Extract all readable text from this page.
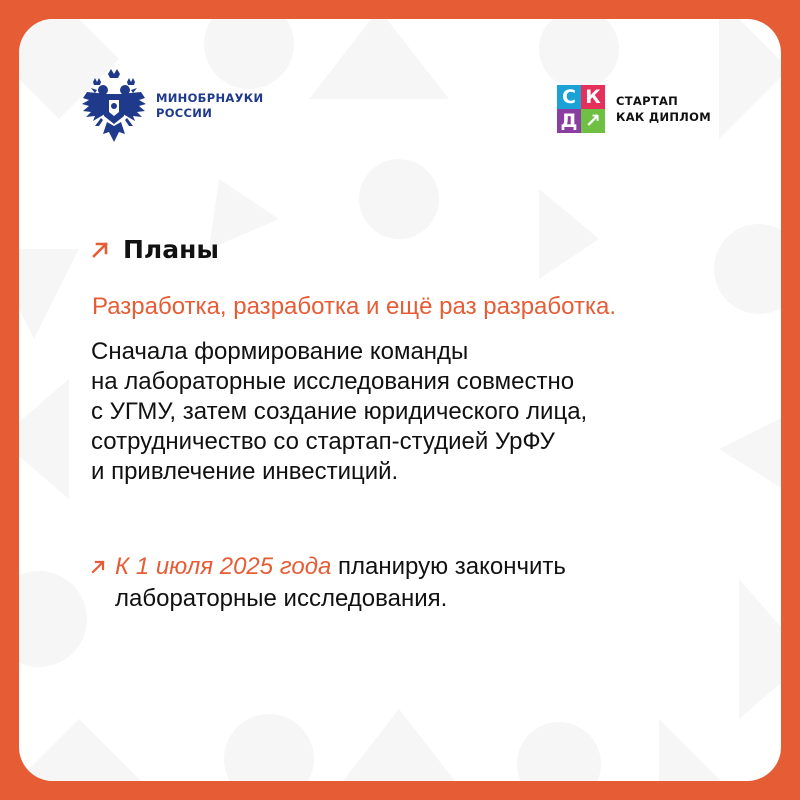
МИНОБРНАУКИ
РОССИИ
С К
Д ↗
СТАРТАП
КАК ДИПЛОМ
Планы
Разработка, разработка и ещё раз разработка.
Сначала формирование команды
на лабораторные исследования совместно
с УГМУ, затем создание юридического лица,
сотрудничество со стартап-студией УрФУ
и привлечение инвестиций.
К 1 июля 2025 года планирую закончить
лабораторные исследования.
